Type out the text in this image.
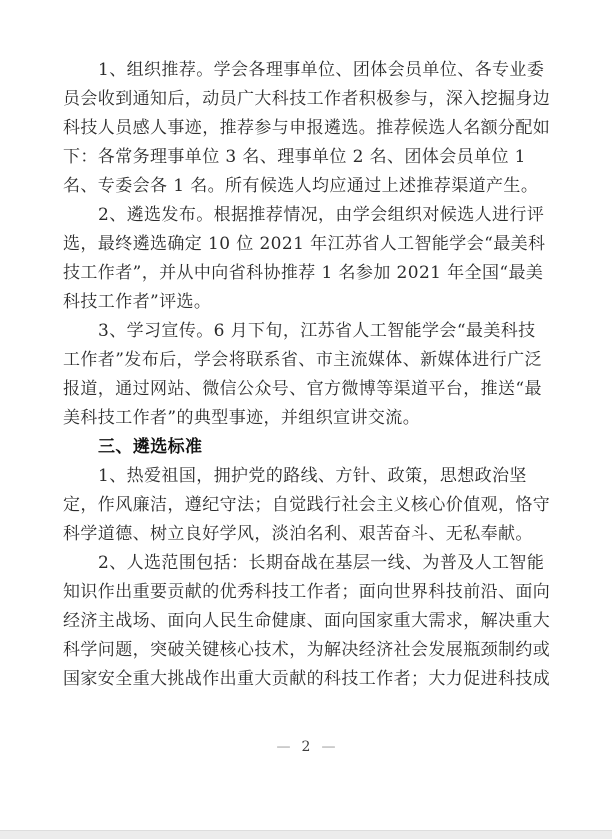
1、组织推荐。学会各理事单位、团体会员单位、各专业委
员会收到通知后，动员广大科技工作者积极参与，深入挖掘身边
科技人员感人事迹，推荐参与申报遴选。推荐候选人名额分配如
下：各常务理事单位 3 名、理事单位 2 名、团体会员单位 1
名、专委会各 1 名。所有候选人均应通过上述推荐渠道产生。
2、遴选发布。根据推荐情况，由学会组织对候选人进行评
选，最终遴选确定 10 位 2021 年江苏省人工智能学会“最美科
技工作者”，并从中向省科协推荐 1 名参加 2021 年全国“最美
科技工作者”评选。
3、学习宣传。6 月下旬，江苏省人工智能学会“最美科技
工作者”发布后，学会将联系省、市主流媒体、新媒体进行广泛
报道，通过网站、微信公众号、官方微博等渠道平台，推送“最
美科技工作者”的典型事迹，并组织宣讲交流。
三、遴选标准
1、热爱祖国，拥护党的路线、方针、政策，思想政治坚
定，作风廉洁，遵纪守法；自觉践行社会主义核心价值观，恪守
科学道德、树立良好学风，淡泊名利、艰苦奋斗、无私奉献。
2、人选范围包括：长期奋战在基层一线、为普及人工智能
知识作出重要贡献的优秀科技工作者；面向世界科技前沿、面向
经济主战场、面向人民生命健康、面向国家重大需求，解决重大
科学问题，突破关键核心技术，为解决经济社会发展瓶颈制约或
国家安全重大挑战作出重大贡献的科技工作者；大力促进科技成
— 2 —
